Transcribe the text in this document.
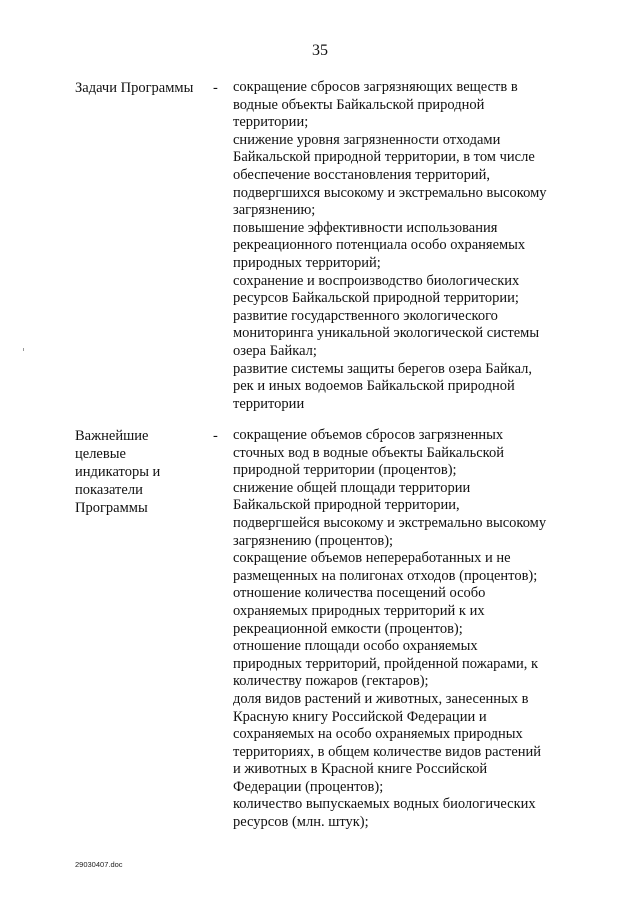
35
Задачи Программы	- сокращение сбросов загрязняющих веществ в
водные объекты Байкальской природной
территории;
снижение уровня загрязненности отходами
Байкальской природной территории, в том числе
обеспечение восстановления территорий,
подвергшихся высокому и экстремально высокому
загрязнению;
повышение эффективности использования
рекреационного потенциала особо охраняемых
природных территорий;
сохранение и воспроизводство биологических
ресурсов Байкальской природной территории;
развитие государственного экологического
мониторинга уникальной экологической системы
озера Байкал;
развитие системы защиты берегов озера Байкал,
рек и иных водоемов Байкальской природной
территории
Важнейшие
целевые
индикаторы и
показатели
Программы
- сокращение объемов сбросов загрязненных
сточных вод в водные объекты Байкальской
природной территории (процентов);
снижение общей площади территории
Байкальской природной территории,
подвергшейся высокому и экстремально высокому
загрязнению (процентов);
сокращение объемов непереработанных и не
размещенных на полигонах отходов (процентов);
отношение количества посещений особо
охраняемых природных территорий к их
рекреационной емкости (процентов);
отношение площади особо охраняемых
природных территорий, пройденной пожарами, к
количеству пожаров (гектаров);
доля видов растений и животных, занесенных в
Красную книгу Российской Федерации и
сохраняемых на особо охраняемых природных
территориях, в общем количестве видов растений
и животных в Красной книге Российской
Федерации (процентов);
количество выпускаемых водных биологических
ресурсов (млн. штук);
29030407.doc
